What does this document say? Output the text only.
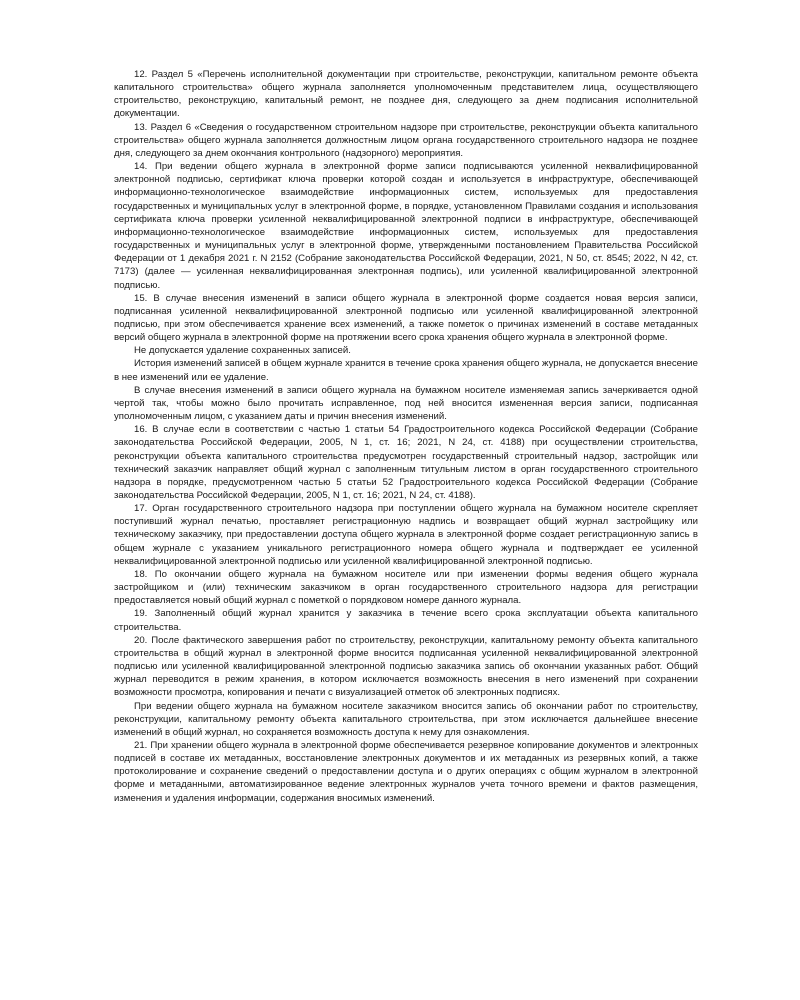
12. Раздел 5 «Перечень исполнительной документации при строительстве, реконструкции, капитальном ремонте объекта капитального строительства» общего журнала заполняется уполномоченным представителем лица, осуществляющего строительство, реконструкцию, капитальный ремонт, не позднее дня, следующего за днем подписания исполнительной документации.

13. Раздел 6 «Сведения о государственном строительном надзоре при строительстве, реконструкции объекта капитального строительства» общего журнала заполняется должностным лицом органа государственного строительного надзора не позднее дня, следующего за днем окончания контрольного (надзорного) мероприятия.

14. При ведении общего журнала в электронной форме записи подписываются усиленной неквалифицированной электронной подписью, сертификат ключа проверки которой создан и используется в инфраструктуре, обеспечивающей информационно-технологическое взаимодействие информационных систем, используемых для предоставления государственных и муниципальных услуг в электронной форме, в порядке, установленном Правилами создания и использования сертификата ключа проверки усиленной неквалифицированной электронной подписи в инфраструктуре, обеспечивающей информационно-технологическое взаимодействие информационных систем, используемых для предоставления государственных и муниципальных услуг в электронной форме, утвержденными постановлением Правительства Российской Федерации от 1 декабря 2021 г. N 2152 (Собрание законодательства Российской Федерации, 2021, N 50, ст. 8545; 2022, N 42, ст. 7173) (далее — усиленная неквалифицированная электронная подпись), или усиленной квалифицированной электронной подписью.

15. В случае внесения изменений в записи общего журнала в электронной форме создается новая версия записи, подписанная усиленной неквалифицированной электронной подписью или усиленной квалифицированной электронной подписью, при этом обеспечивается хранение всех изменений, а также пометок о причинах изменений в составе метаданных версий общего журнала в электронной форме на протяжении всего срока хранения общего журнала в электронной форме.

Не допускается удаление сохраненных записей.

История изменений записей в общем журнале хранится в течение срока хранения общего журнала, не допускается внесение в нее изменений или ее удаление.

В случае внесения изменений в записи общего журнала на бумажном носителе изменяемая запись зачеркивается одной чертой так, чтобы можно было прочитать исправленное, под ней вносится измененная версия записи, подписанная уполномоченным лицом, с указанием даты и причин внесения изменений.

16. В случае если в соответствии с частью 1 статьи 54 Градостроительного кодекса Российской Федерации (Собрание законодательства Российской Федерации, 2005, N 1, ст. 16; 2021, N 24, ст. 4188) при осуществлении строительства, реконструкции объекта капитального строительства предусмотрен государственный строительный надзор, застройщик или технический заказчик направляет общий журнал с заполненным титульным листом в орган государственного строительного надзора в порядке, предусмотренном частью 5 статьи 52 Градостроительного кодекса Российской Федерации (Собрание законодательства Российской Федерации, 2005, N 1, ст. 16; 2021, N 24, ст. 4188).

17. Орган государственного строительного надзора при поступлении общего журнала на бумажном носителе скрепляет поступивший журнал печатью, проставляет регистрационную надпись и возвращает общий журнал застройщику или техническому заказчику, при предоставлении доступа общего журнала в электронной форме создает регистрационную запись в общем журнале с указанием уникального регистрационного номера общего журнала и подтверждает ее усиленной неквалифицированной электронной подписью или усиленной квалифицированной электронной подписью.

18. По окончании общего журнала на бумажном носителе или при изменении формы ведения общего журнала застройщиком и (или) техническим заказчиком в орган государственного строительного надзора для регистрации предоставляется новый общий журнал с пометкой о порядковом номере данного журнала.

19. Заполненный общий журнал хранится у заказчика в течение всего срока эксплуатации объекта капитального строительства.

20. После фактического завершения работ по строительству, реконструкции, капитальному ремонту объекта капитального строительства в общий журнал в электронной форме вносится подписанная усиленной неквалифицированной электронной подписью или усиленной квалифицированной электронной подписью заказчика запись об окончании указанных работ. Общий журнал переводится в режим хранения, в котором исключается возможность внесения в него изменений при сохранении возможности просмотра, копирования и печати с визуализацией отметок об электронных подписях.

При ведении общего журнала на бумажном носителе заказчиком вносится запись об окончании работ по строительству, реконструкции, капитальному ремонту объекта капитального строительства, при этом исключается дальнейшее внесение изменений в общий журнал, но сохраняется возможность доступа к нему для ознакомления.

21. При хранении общего журнала в электронной форме обеспечивается резервное копирование документов и электронных подписей в составе их метаданных, восстановление электронных документов и их метаданных из резервных копий, а также протоколирование и сохранение сведений о предоставлении доступа и о других операциях с общим журналом в электронной форме и метаданными, автоматизированное ведение электронных журналов учета точного времени и фактов размещения, изменения и удаления информации, содержания вносимых изменений.
